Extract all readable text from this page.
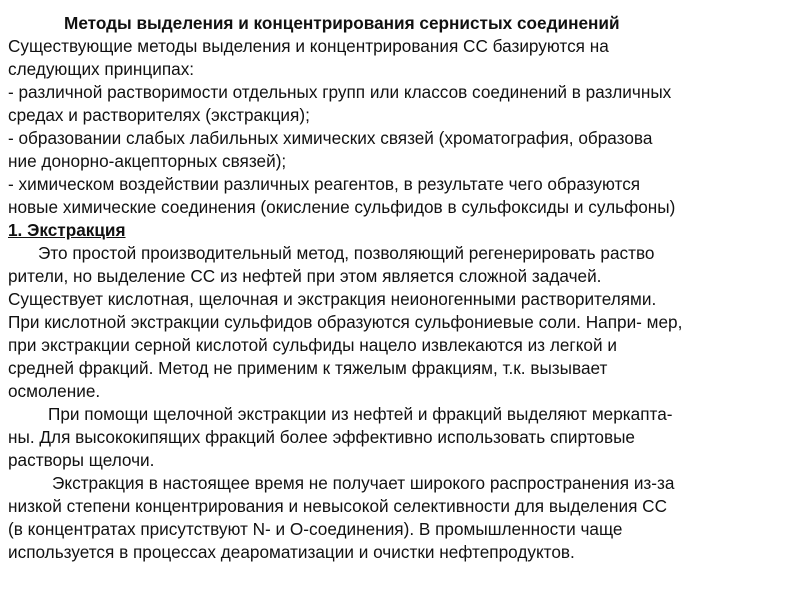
Методы выделения и концентрирования сернистых соединений
Существующие методы выделения и концентрирования СС базируются на
следующих принципах:
- различной растворимости отдельных групп или классов соединений в различных
средах и растворителях (экстракция);
- образовании слабых лабильных химических связей (хроматография, образова
ние донорно-акцепторных связей);
- химическом воздействии различных реагентов, в результате чего образуются
новые химические соединения (окисление сульфидов в сульфоксиды и сульфоны)
1. Экстракция
Это простой производительный метод, позволяющий регенерировать раство
рители, но выделение СС из нефтей при этом является сложной задачей.
Существует кислотная, щелочная и экстракция неионогенными растворителями.
При кислотной экстракции сульфидов образуются сульфониевые соли. Напри- мер,
при экстракции серной кислотой сульфиды нацело извлекаются из легкой и
средней фракций. Метод не применим к тяжелым фракциям, т.к. вызывает
осмоление.
При помощи щелочной экстракции из нефтей и фракций выделяют меркапта-
ны. Для высококипящих фракций более эффективно использовать спиртовые
растворы щелочи.
Экстракция в настоящее время не получает широкого распространения из-за
низкой степени концентрирования и невысокой селективности для выделения СС
(в концентратах присутствуют N- и О-соединения). В промышленности чаще
используется в процессах деароматизации и очистки нефтепродуктов.
